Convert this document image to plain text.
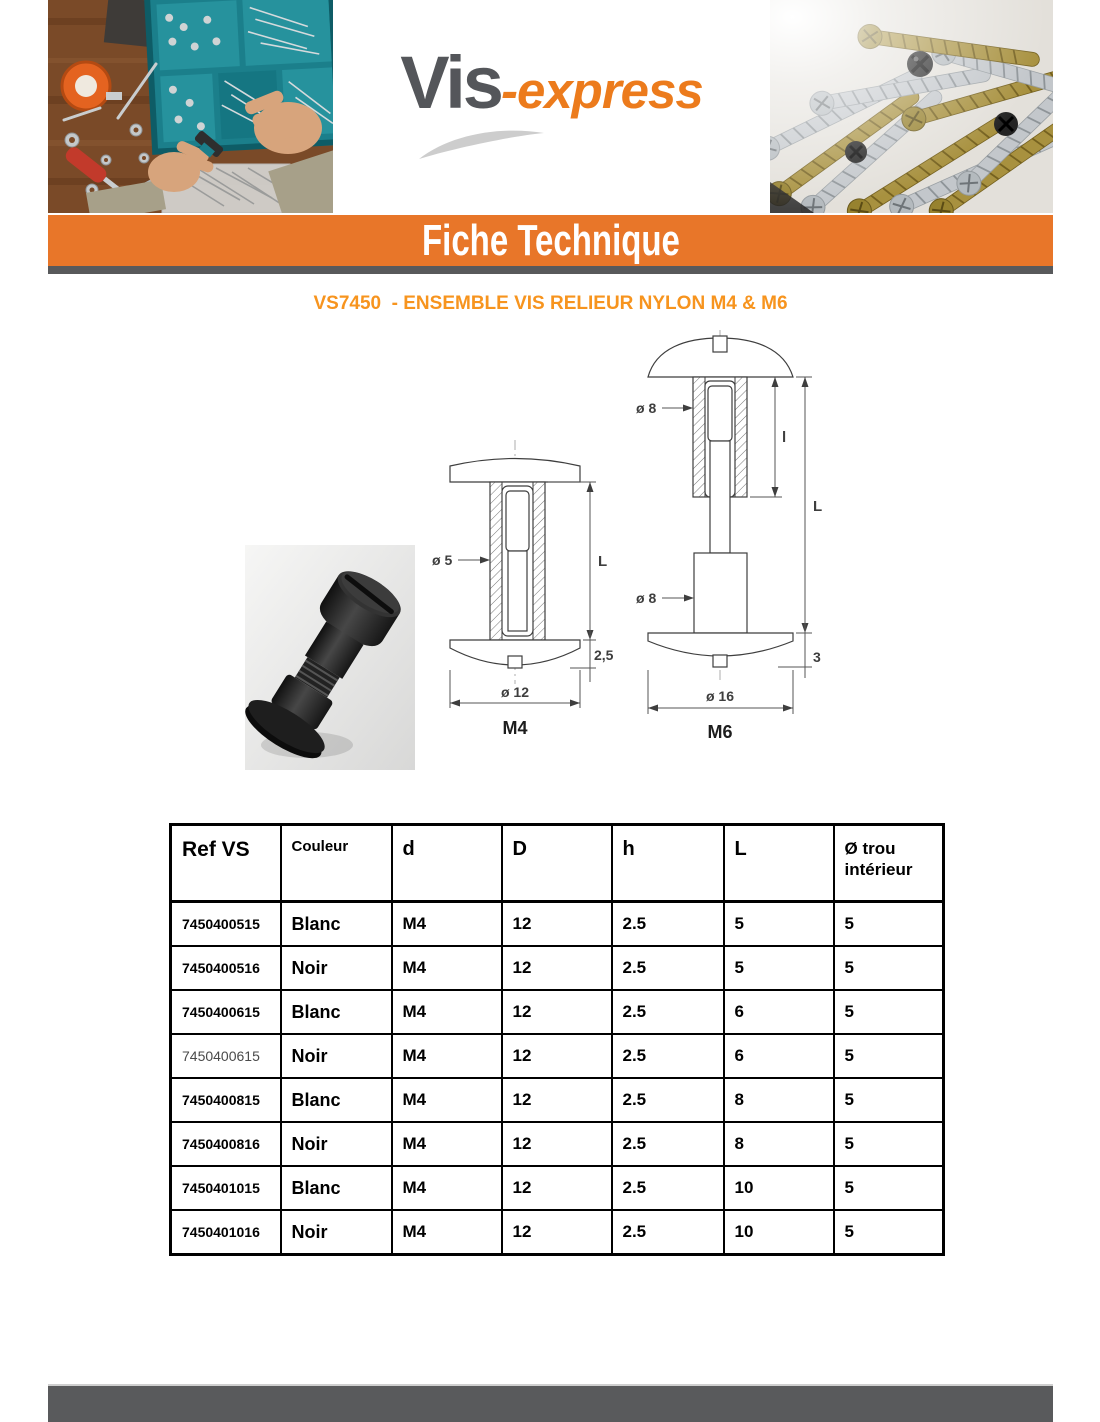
Vis-express
Fiche Technique
VS7450  - ENSEMBLE VIS RELIEUR NYLON M4 & M6
ø 5	L
2,5
ø 12
M4
ø 8
l
L
ø 8
3
ø 16
M6
Ref VS	Couleur	d	D	h	L	Ø trou intérieur
7450400515	Blanc	M4	12	2.5	5	5
7450400516	Noir	M4	12	2.5	5	5
7450400615	Blanc	M4	12	2.5	6	5
7450400615	Noir	M4	12	2.5	6	5
7450400815	Blanc	M4	12	2.5	8	5
7450400816	Noir	M4	12	2.5	8	5
7450401015	Blanc	M4	12	2.5	10	5
7450401016	Noir	M4	12	2.5	10	5
